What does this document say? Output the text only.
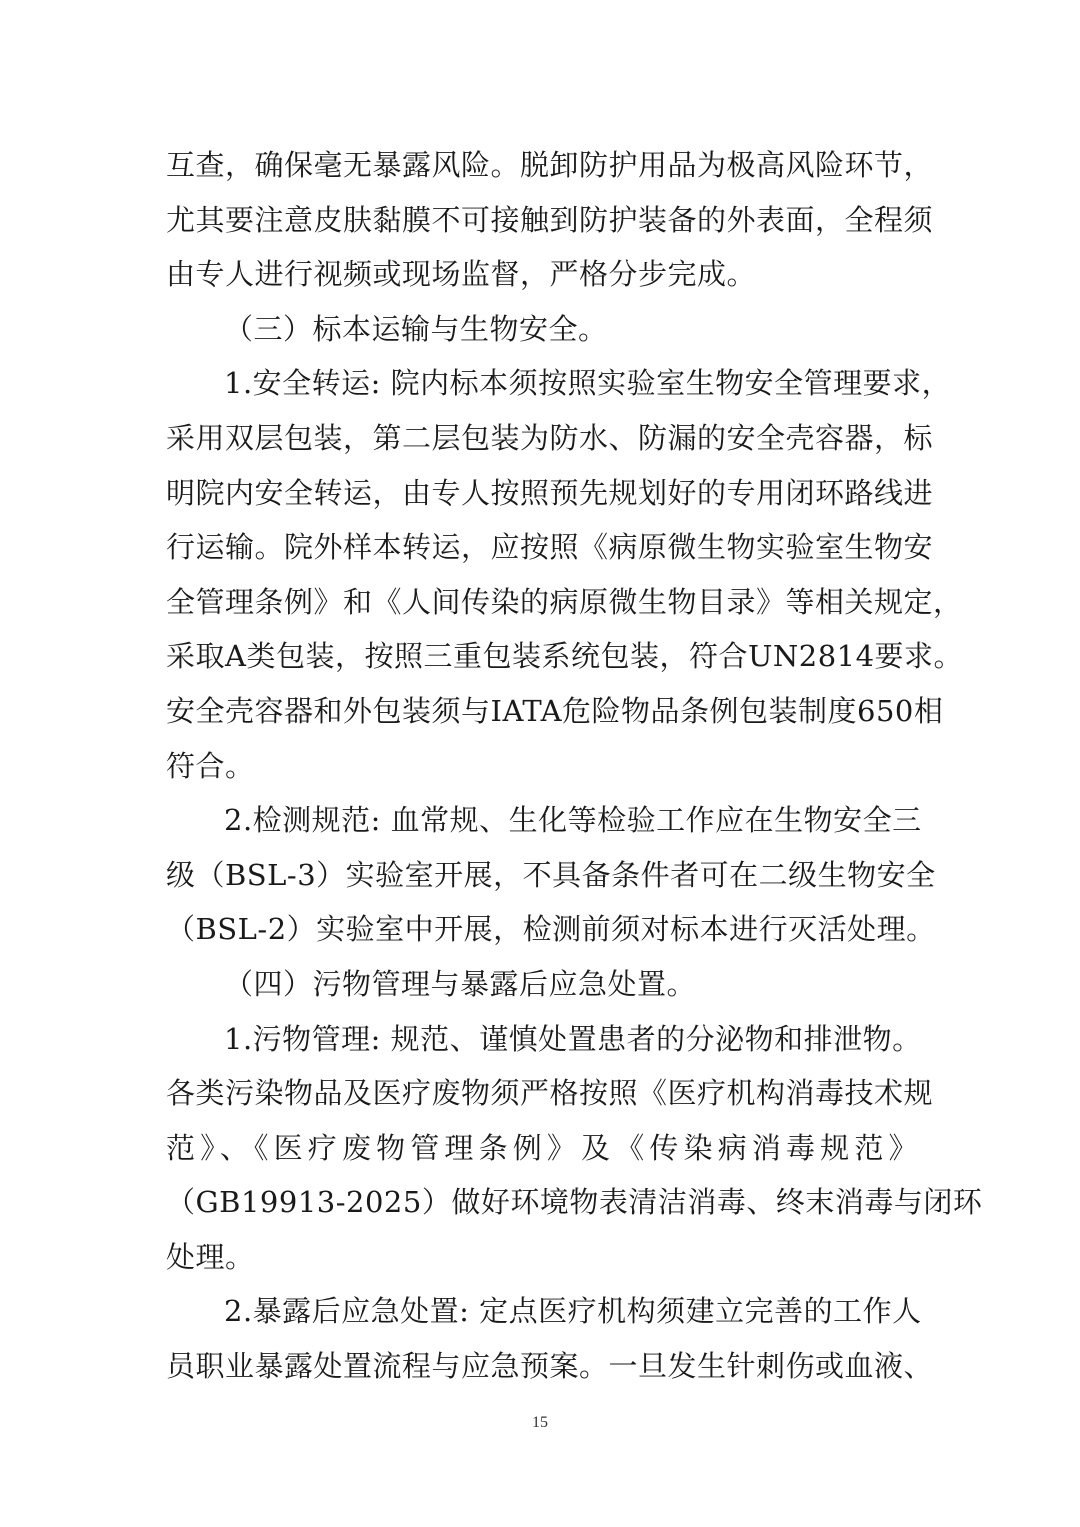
互查，确保毫无暴露风险。脱卸防护用品为极高风险环节，
尤其要注意皮肤黏膜不可接触到防护装备的外表面，全程须
由专人进行视频或现场监督，严格分步完成。
（三）标本运输与生物安全。
1.安全转运: 院内标本须按照实验室生物安全管理要求，
采用双层包装，第二层包装为防水、防漏的安全壳容器，标
明院内安全转运，由专人按照预先规划好的专用闭环路线进
行运输。院外样本转运，应按照《病原微生物实验室生物安
全管理条例》和《人间传染的病原微生物目录》等相关规定，
采取A类包装，按照三重包装系统包装，符合UN2814要求。
安全壳容器和外包装须与IATA危险物品条例包装制度650相
符合。
2.检测规范: 血常规、生化等检验工作应在生物安全三
级（BSL-3）实验室开展，不具备条件者可在二级生物安全
（BSL-2）实验室中开展，检测前须对标本进行灭活处理。
（四）污物管理与暴露后应急处置。
1.污物管理: 规范、谨慎处置患者的分泌物和排泄物。
各类污染物品及医疗废物须严格按照《医疗机构消毒技术规
范》、《医疗废物管理条例》及《传染病消毒规范》
（GB19913-2025）做好环境物表清洁消毒、终末消毒与闭环
处理。
2.暴露后应急处置: 定点医疗机构须建立完善的工作人
员职业暴露处置流程与应急预案。一旦发生针刺伤或血液、
15
